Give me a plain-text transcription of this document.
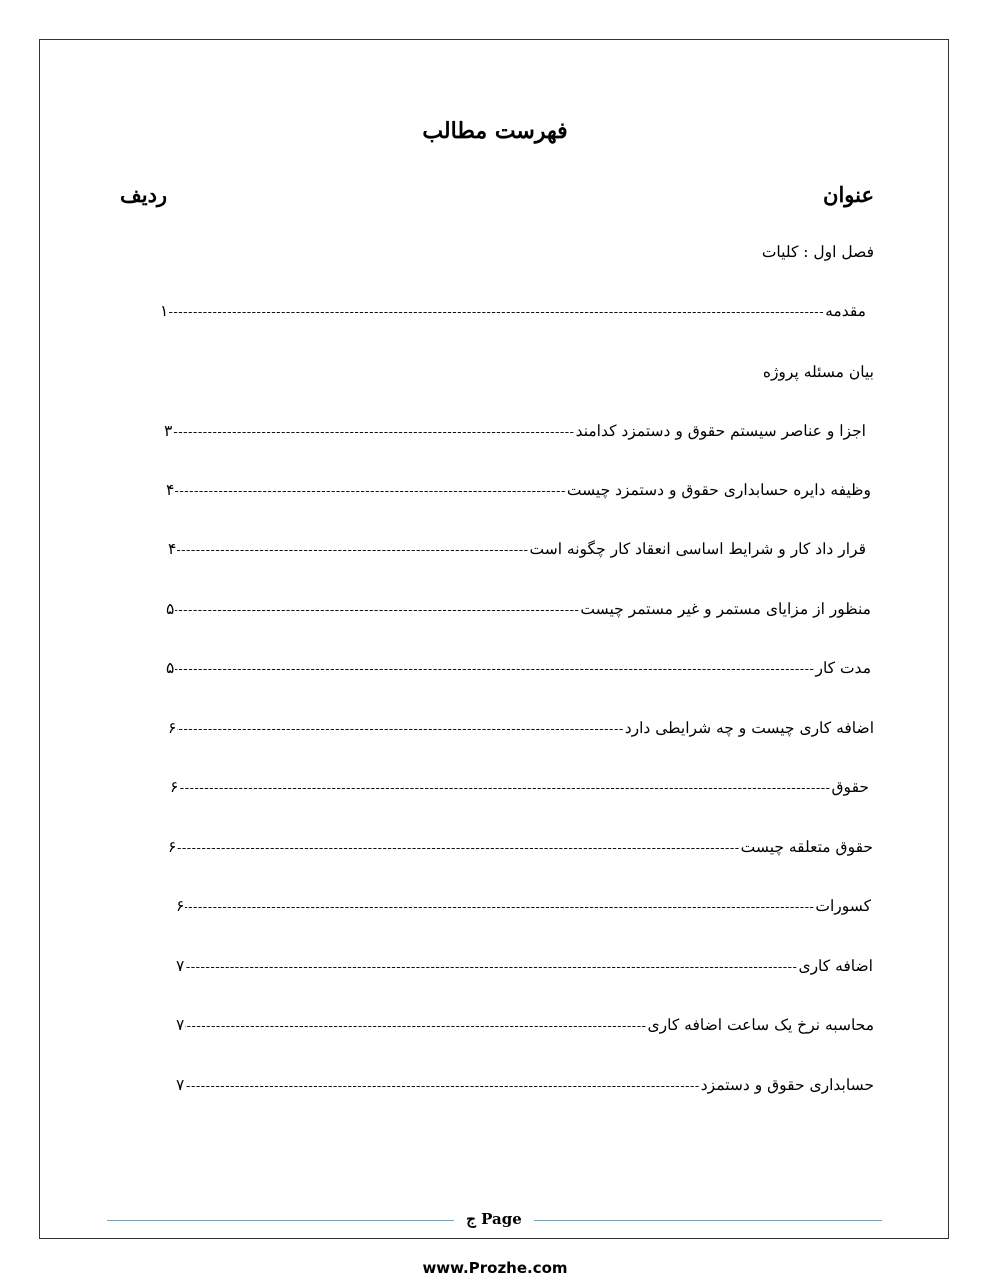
فهرست مطالب
عنوان
رديف
فصل اول : کلیات
مقدمه
-----
۱
بیان مسئله پروژه
اجزا و عناصر سیستم حقوق و دستمزد کدامند
-----
۳
وظیفه دایره حسابداری حقوق و دستمزد چیست
-----
۴
قرار داد کار و شرایط اساسی انعقاد کار چگونه است
-----
۴
منظور از مزایای مستمر و غیر مستمر چیست
-----
۵
مدت کار
-----
۵
اضافه کاری چیست و چه شرایطی دارد
-----
۶
حقوق
-----
۶
حقوق متعلقه چیست
-----
۶
کسورات
-----
۶
اضافه کاری
-----
۷
محاسبه نرخ یک ساعت اضافه کاری
-----
۷
حسابداری حقوق و دستمزد
-----
۷
ج Page
www.Prozhe.com
